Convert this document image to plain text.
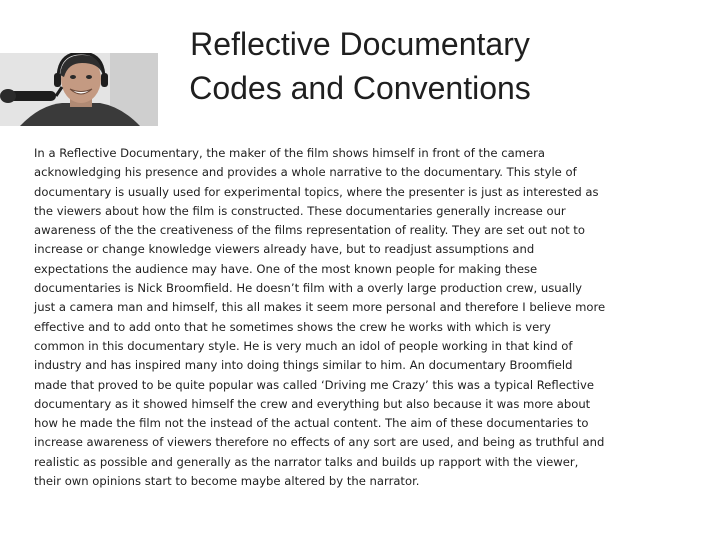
Reflective Documentary
Codes and Conventions
In a Reflective Documentary, the maker of the film shows himself in front of the camera
acknowledging his presence and provides a whole narrative to the documentary. This style of
documentary is usually used for experimental topics, where the presenter is just as interested as
the viewers about how the film is constructed. These documentaries generally increase our
awareness of the the creativeness of the films representation of reality. They are set out not to
increase or change knowledge viewers already have, but to readjust assumptions and
expectations the audience may have. One of the most known people for making these
documentaries is Nick Broomfield. He doesn’t film with a overly large production crew, usually
just a camera man and himself, this all makes it seem more personal and therefore I believe more
effective and to add onto that he sometimes shows the crew he works with which is very
common in this documentary style. He is very much an idol of people working in that kind of
industry and has inspired many into doing things similar to him. An documentary Broomfield
made that proved to be quite popular was called ‘Driving me Crazy’ this was a typical Reflective
documentary as it showed himself the crew and everything but also because it was more about
how he made the film not the instead of the actual content. The aim of these documentaries to
increase awareness of viewers therefore no effects of any sort are used, and being as truthful and
realistic as possible and generally as the narrator talks and builds up rapport with the viewer,
their own opinions start to become maybe altered by the narrator.
